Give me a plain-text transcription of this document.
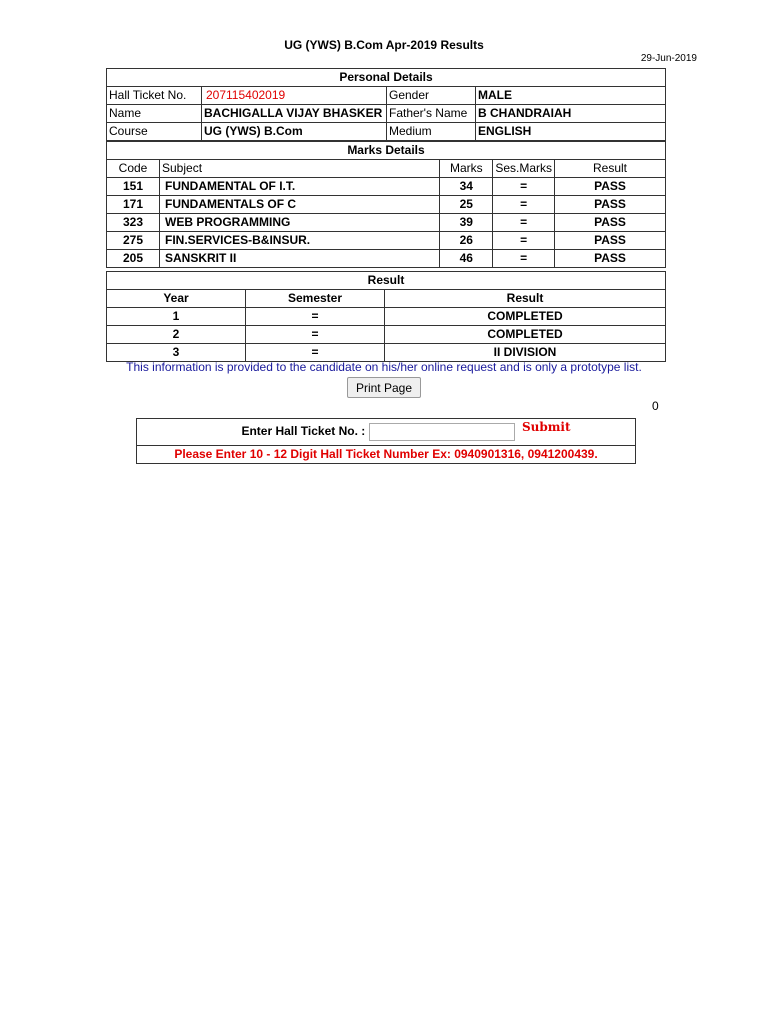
UG (YWS) B.Com Apr-2019 Results
29-Jun-2019
Personal Details			
Hall Ticket No.	207115402019	Gender	MALE
Name	BACHIGALLA VIJAY BHASKER	Father's Name	B CHANDRAIAH
Course	UG (YWS) B.Com	Medium	ENGLISH
Marks Details				
Code	Subject	Marks	Ses.Marks	Result
151	FUNDAMENTAL OF I.T.	34	=	PASS
171	FUNDAMENTALS OF C	25	=	PASS
323	WEB PROGRAMMING	39	=	PASS
275	FIN.SERVICES-B&INSUR.	26	=	PASS
205	SANSKRIT II	46	=	PASS
Result		
Year	Semester	Result
1	=	COMPLETED
2	=	COMPLETED
3	=	II DIVISION
This information is provided to the candidate on his/her online request and is only a prototype list.
Print Page
0
Enter Hall Ticket No. :	Submit
Please Enter 10 - 12 Digit Hall Ticket Number Ex: 0940901316, 0941200439.
